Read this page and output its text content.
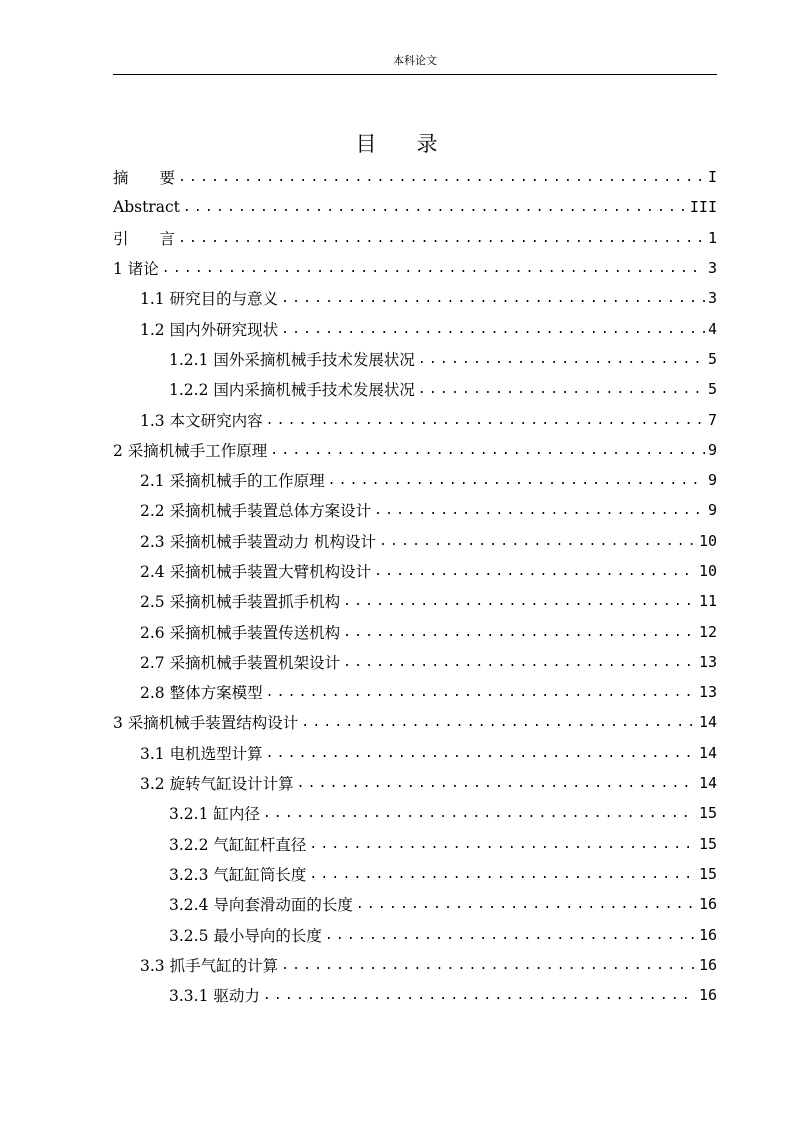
本科论文
目 录
摘　　要 .....	I
Abstract .....	III
引　　言 .....	1
1 诸论 .....	3
1.1 研究目的与意义 .....	3
1.2 国内外研究现状 .....	4
1.2.1 国外采摘机械手技术发展状况 .....	5
1.2.2 国内采摘机械手技术发展状况 .....	5
1.3 本文研究内容 .....	7
2 采摘机械手工作原理 .....	9
2.1 采摘机械手的工作原理 .....	9
2.2 采摘机械手装置总体方案设计 .....	9
2.3 采摘机械手装置动力 机构设计 .....	10
2.4 采摘机械手装置大臂机构设计 .....	10
2.5 采摘机械手装置抓手机构 .....	11
2.6 采摘机械手装置传送机构 .....	12
2.7 采摘机械手装置机架设计 .....	13
2.8 整体方案模型 .....	13
3 采摘机械手装置结构设计 .....	14
3.1 电机选型计算 .....	14
3.2 旋转气缸设计计算 .....	14
3.2.1 缸内径 .....	15
3.2.2 气缸缸杆直径 .....	15
3.2.3 气缸缸筒长度 .....	15
3.2.4 导向套滑动面的长度 .....	16
3.2.5 最小导向的长度 .....	16
3.3 抓手气缸的计算 .....	16
3.3.1 驱动力 .....	16
